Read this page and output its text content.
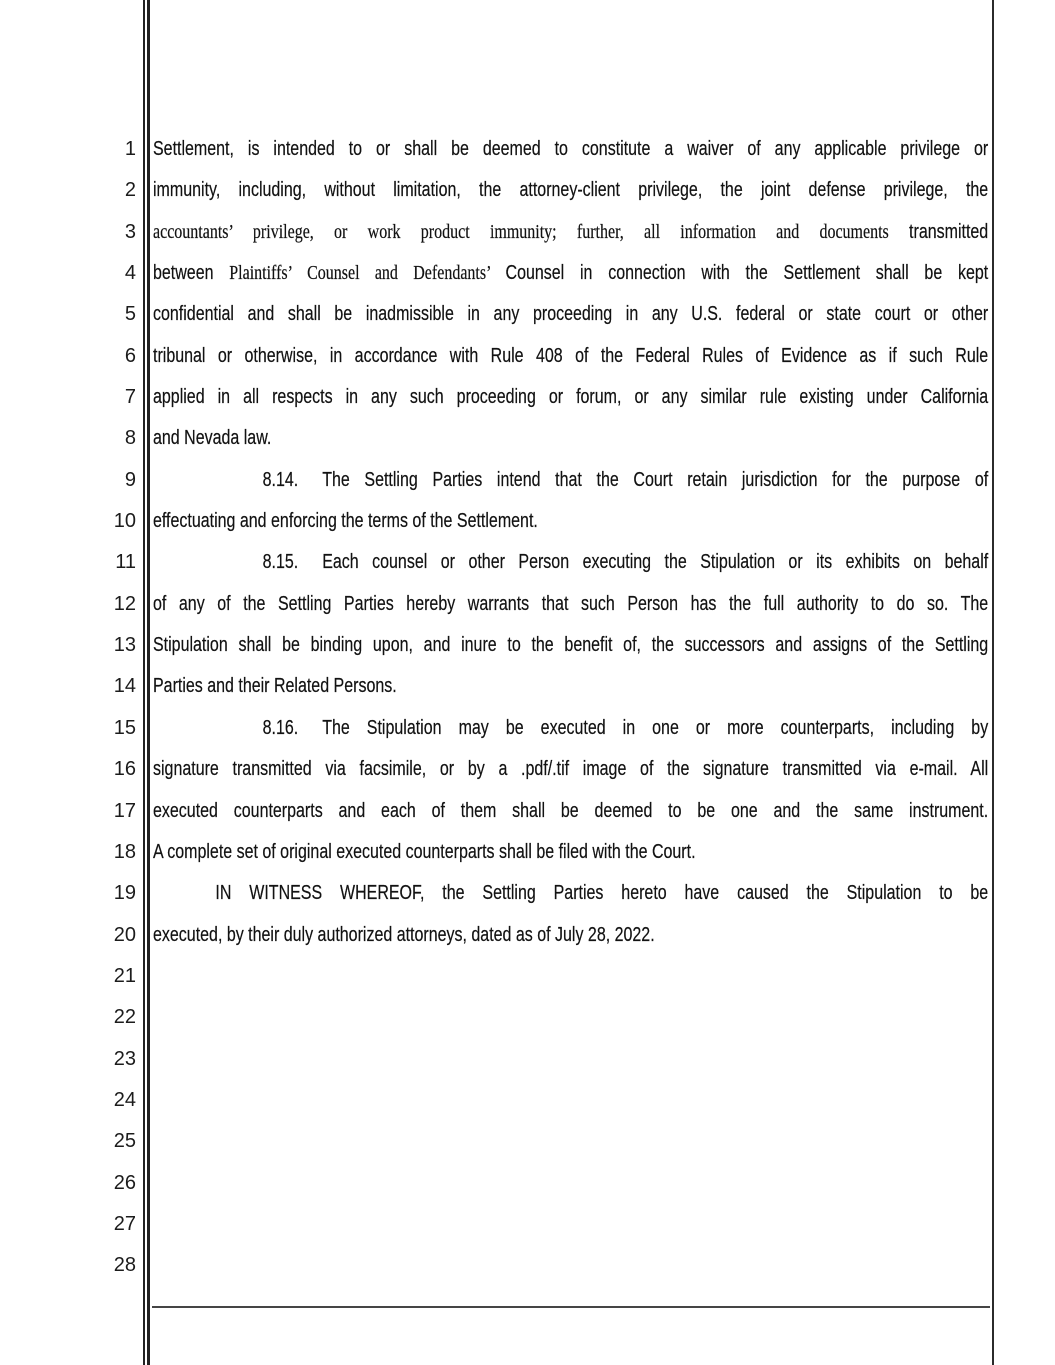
1
2
3
4
5
6
7
8
9
10
11
12
13
14
15
16
17
18
19
20
21
22
23
24
25
26
27
28
Settlement, is intended to or shall be deemed to constitute a waiver of any applicable privilege or
immunity, including, without limitation, the attorney-client privilege, the joint defense privilege, the
accountants’ privilege, or work product immunity; further, all information and documents transmitted
between Plaintiffs’ Counsel and Defendants’ Counsel in connection with the Settlement shall be kept
confidential and shall be inadmissible in any proceeding in any U.S. federal or state court or other
tribunal or otherwise, in accordance with Rule 408 of the Federal Rules of Evidence as if such Rule
applied in all respects in any such proceeding or forum, or any similar rule existing under California
and Nevada law.
8.14. The Settling Parties intend that the Court retain jurisdiction for the purpose of
effectuating and enforcing the terms of the Settlement.
8.15. Each counsel or other Person executing the Stipulation or its exhibits on behalf
of any of the Settling Parties hereby warrants that such Person has the full authority to do so. The
Stipulation shall be binding upon, and inure to the benefit of, the successors and assigns of the Settling
Parties and their Related Persons.
8.16. The Stipulation may be executed in one or more counterparts, including by
signature transmitted via facsimile, or by a .pdf/.tif image of the signature transmitted via e-mail. All
executed counterparts and each of them shall be deemed to be one and the same instrument.
A complete set of original executed counterparts shall be filed with the Court.
IN WITNESS WHEREOF, the Settling Parties hereto have caused the Stipulation to be
executed, by their duly authorized attorneys, dated as of July 28, 2022.
